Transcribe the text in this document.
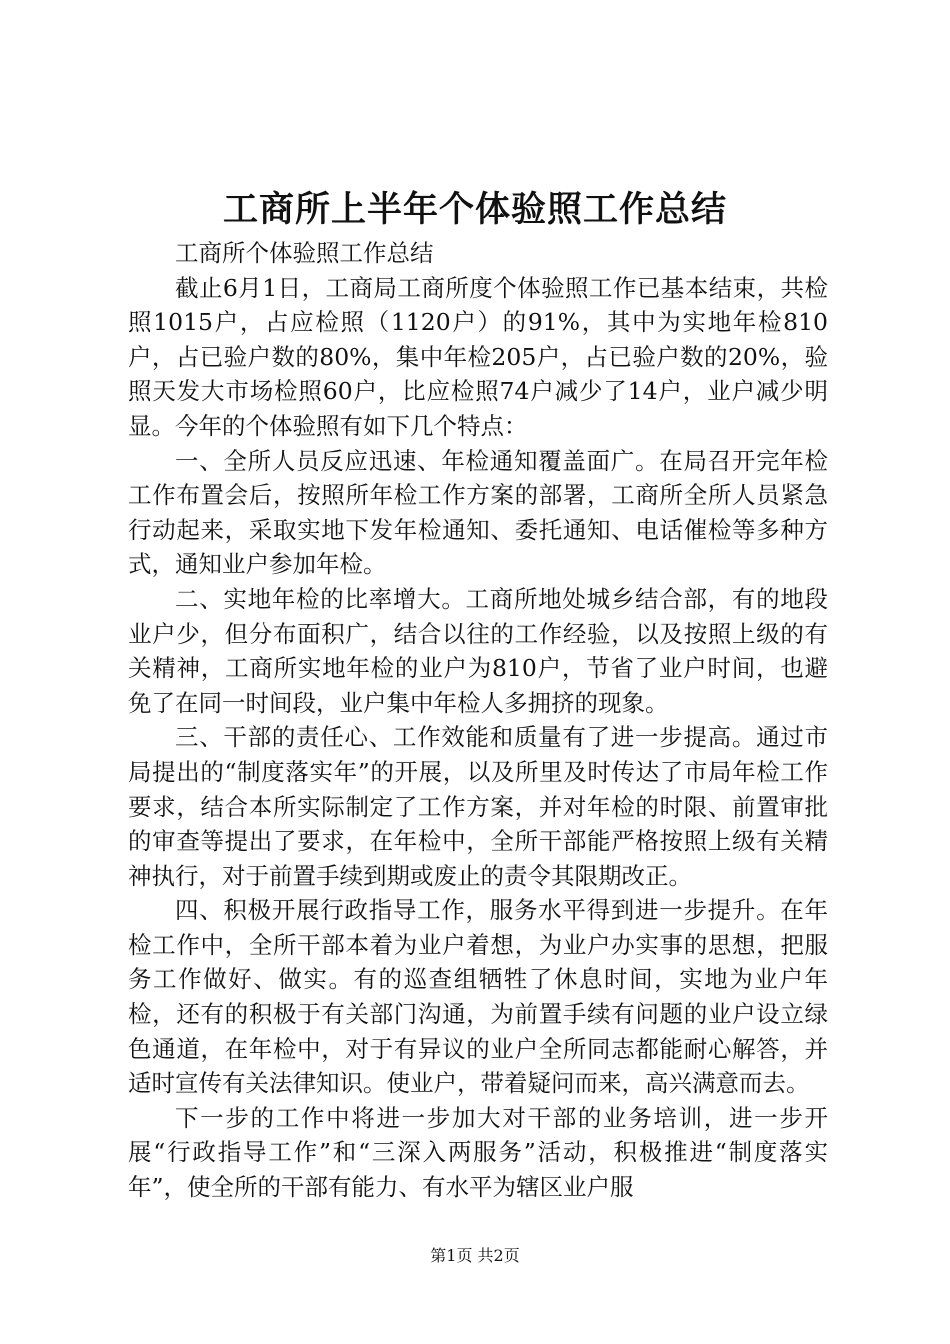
工商所上半年个体验照工作总结

工商所个体验照工作总结

截止6月1日，工商局工商所度个体验照工作已基本结束，共检照1015户，占应检照（1120户）的91%，其中为实地年检810户，占已验户数的80%，集中年检205户，占已验户数的20%，验照天发大市场检照60户，比应检照74户减少了14户，业户减少明显。今年的个体验照有如下几个特点：

一、全所人员反应迅速、年检通知覆盖面广。在局召开完年检工作布置会后，按照所年检工作方案的部署，工商所全所人员紧急行动起来，采取实地下发年检通知、委托通知、电话催检等多种方式，通知业户参加年检。

二、实地年检的比率增大。工商所地处城乡结合部，有的地段业户少，但分布面积广，结合以往的工作经验，以及按照上级的有关精神，工商所实地年检的业户为810户，节省了业户时间，也避免了在同一时间段，业户集中年检人多拥挤的现象。

三、干部的责任心、工作效能和质量有了进一步提高。通过市局提出的“制度落实年”的开展，以及所里及时传达了市局年检工作要求，结合本所实际制定了工作方案，并对年检的时限、前置审批的审查等提出了要求，在年检中，全所干部能严格按照上级有关精神执行，对于前置手续到期或废止的责令其限期改正。

四、积极开展行政指导工作，服务水平得到进一步提升。在年检工作中，全所干部本着为业户着想，为业户办实事的思想，把服务工作做好、做实。有的巡查组牺牲了休息时间，实地为业户年检，还有的积极于有关部门沟通，为前置手续有问题的业户设立绿色通道，在年检中，对于有异议的业户全所同志都能耐心解答，并适时宣传有关法律知识。使业户，带着疑问而来，高兴满意而去。

下一步的工作中将进一步加大对干部的业务培训，进一步开展“行政指导工作”和“三深入两服务”活动，积极推进“制度落实年”，使全所的干部有能力、有水平为辖区业户服

第1页 共2页
